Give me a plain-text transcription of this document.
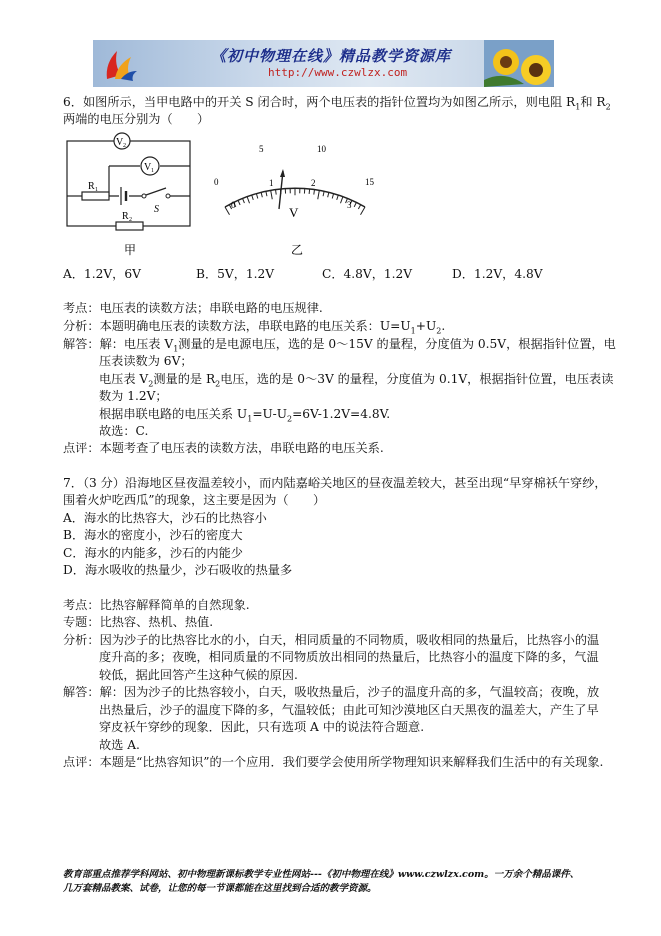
《初中物理在线》精品教学资源库
http://www.czwlzx.com
6．如图所示，当甲电路中的开关 S 闭合时，两个电压表的指针位置均为如图乙所示，则电阻 $R_1$和 $R_2$
两端的电压分别为（　　）
V 2
V 1
R 1
S
R 2
甲
0
5	10
15
0
1	2
3
V
乙
A．1.2V，6V	B．5V，1.2V	C．4.8V，1.2V	D．1.2V，4.8V
考点：电压表的读数方法；串联电路的电压规律.
分析：本题明确电压表的读数方法，串联电路的电压关系：$U=U_1+U_2$.
解答：解：电压表 $V_1$测量的是电源电压，选的是 0～15V 的量程，分度值为 0.5V，根据指针位置，电
压表读数为 6V；
电压表 $V_2$测量的是 $R_2$电压，选的是 0～3V 的量程，分度值为 0.1V，根据指针位置，电压表读
数为 1.2V；
根据串联电路的电压关系 $U_1=U-U_2=6V-1.2V=4.8V$.
故选：C.
点评：本题考查了电压表的读数方法，串联电路的电压关系.
7．（3 分）沿海地区昼夜温差较小，而内陆嘉峪关地区的昼夜温差较大，甚至出现“早穿棉袄午穿纱，
围着火炉吃西瓜”的现象，这主要是因为（　　）
A．海水的比热容大，沙石的比热容小
B．海水的密度小，沙石的密度大
C．海水的内能多，沙石的内能少
D．海水吸收的热量少，沙石吸收的热量多
考点：比热容解释简单的自然现象.
专题：比热容、热机、热值.
分析：因为沙子的比热容比水的小，白天，相同质量的不同物质，吸收相同的热量后，比热容小的温
度升高的多；夜晚，相同质量的不同物质放出相同的热量后，比热容小的温度下降的多，气温
较低，据此回答产生这种气候的原因.
解答：解：因为沙子的比热容较小，白天，吸收热量后，沙子的温度升高的多，气温较高；夜晚，放
出热量后，沙子的温度下降的多，气温较低；由此可知沙漠地区白天黑夜的温差大，产生了早
穿皮袄午穿纱的现象．因此，只有选项 A 中的说法符合题意.
故选 A.
点评：本题是“比热容知识”的一个应用．我们要学会使用所学物理知识来解释我们生活中的有关现象.
教育部重点推荐学科网站、初中物理新课标教学专业性网站---《初中物理在线》www.czwlzx.com。一万余个精品课件、
几万套精品教案、试卷，让您的每一节课都能在这里找到合适的教学资源。
